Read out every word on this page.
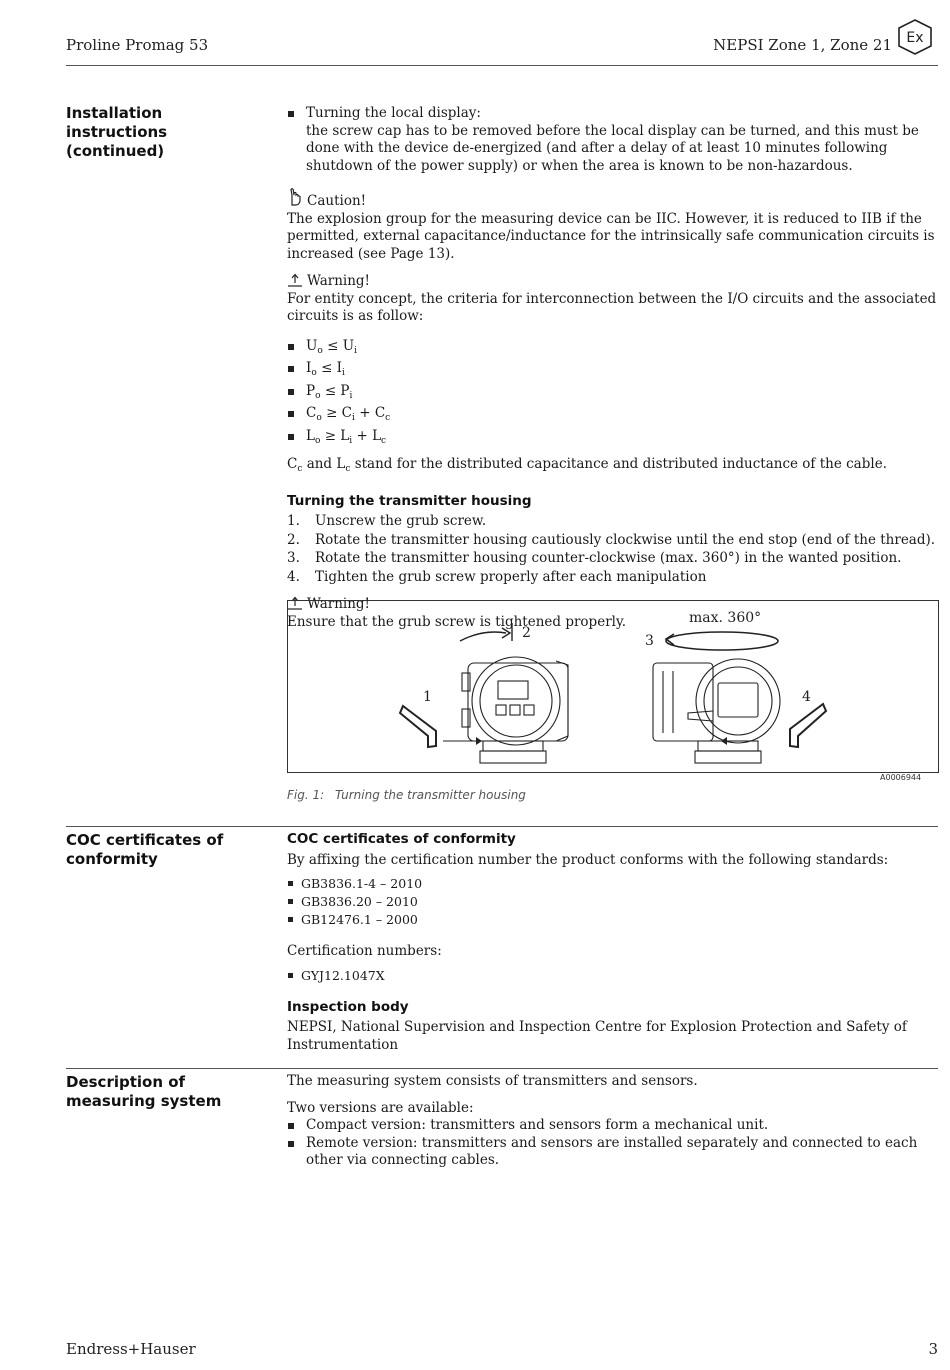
Proline Promag 53	NEPSI Zone 1, Zone 21 Ex
Installation instructions (continued)
Turning the local display:
the screw cap has to be removed before the local display can be turned, and this must be done with the device de-energized (and after a delay of at least 10 minutes following shutdown of the power supply) or when the area is known to be non-hazardous.
Caution!
The explosion group for the measuring device can be IIC. However, it is reduced to IIB if the permitted, external capacitance/inductance for the intrinsically safe communication circuits is increased (see Page 13).
Warning!
For entity concept, the criteria for interconnection between the I/O circuits and the associated circuits is as follow:
$U_o \le U_i$
$I_o \le I_i$
$P_o \le P_i$
$C_o \ge C_i + C_c$
$L_o \ge L_i + L_c$
$C_c$ and $L_c$ stand for the distributed capacitance and distributed inductance of the cable.
Turning the transmitter housing
1. Unscrew the grub screw.
2. Rotate the transmitter housing cautiously clockwise until the end stop (end of the thread).
3. Rotate the transmitter housing counter-clockwise (max. 360°) in the wanted position.
4. Tighten the grub screw properly after each manipulation
Warning!
Ensure that the grub screw is tightened properly.
1
2	3
4
max. 360°
A0006944
Fig. 1: Turning the transmitter housing
COC certificates of conformity
COC certificates of conformity
By affixing the certification number the product conforms with the following standards:
GB3836.1-4 – 2010
GB3836.20 – 2010
GB12476.1 – 2000
Certification numbers:
GYJ12.1047X
Inspection body
NEPSI, National Supervision and Inspection Centre for Explosion Protection and Safety of Instrumentation
Description of measuring system
The measuring system consists of transmitters and sensors.
Two versions are available:
Compact version: transmitters and sensors form a mechanical unit.
Remote version: transmitters and sensors are installed separately and connected to each other via connecting cables.
Endress+Hauser	3
